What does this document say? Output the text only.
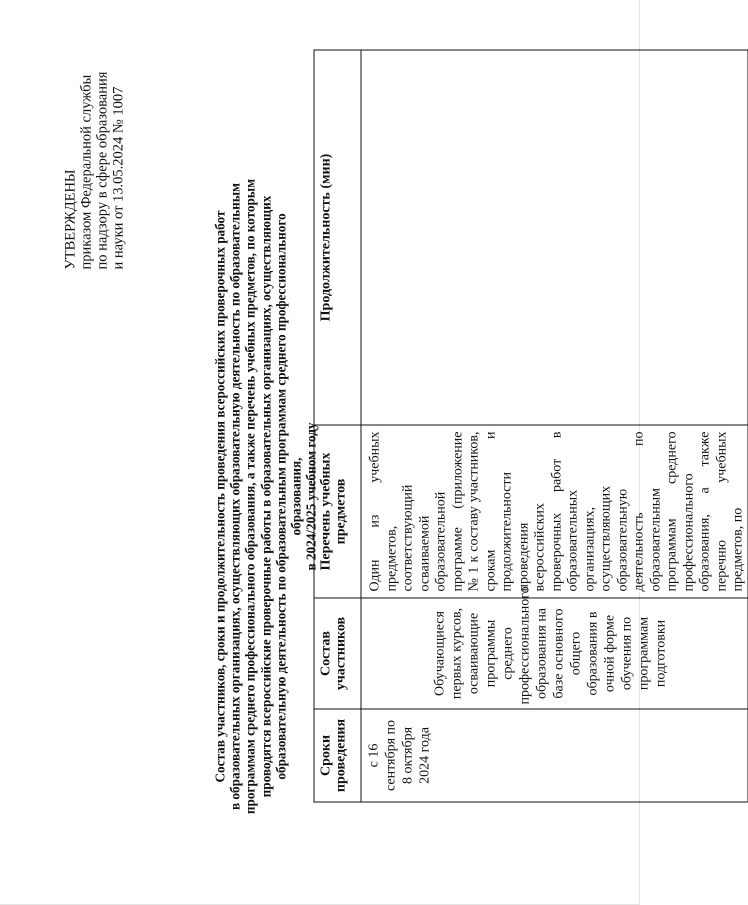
УТВЕРЖДЕНЫ приказом Федеральной службы по надзору в сфере образования и науки от 13.05.2024 № 1007
Состав участников, сроки и продолжительность проведения всероссийских проверочных работ в образовательных организациях, осуществляющих образовательную деятельность по образовательным программам среднего профессионального образования, а также перечень учебных предметов, по которым проводятся всероссийские проверочные работы в образовательных организациях, осуществляющих образовательную деятельность по образовательным программам среднего профессионального образования, в 2024/2025 учебном году
Сроки проведения	Состав участников	Перечень учебных предметов	Продолжительность (мин)
с 16 сентября по 8 октября 2024 года	Обучающиеся первых курсов, осваивающие программы среднего профессионального образования на базе основного общего образования в очной форме обучения по программам подготовки	Один из учебных предметов, соответствующий осваиваемой образовательной программе (приложение № 1 к составу участников, срокам и продолжительности проведения всероссийских проверочных работ в образовательных организациях, осуществляющих образовательную деятельность по образовательным программам среднего профессионального образования, а также перечню учебных предметов, по	
